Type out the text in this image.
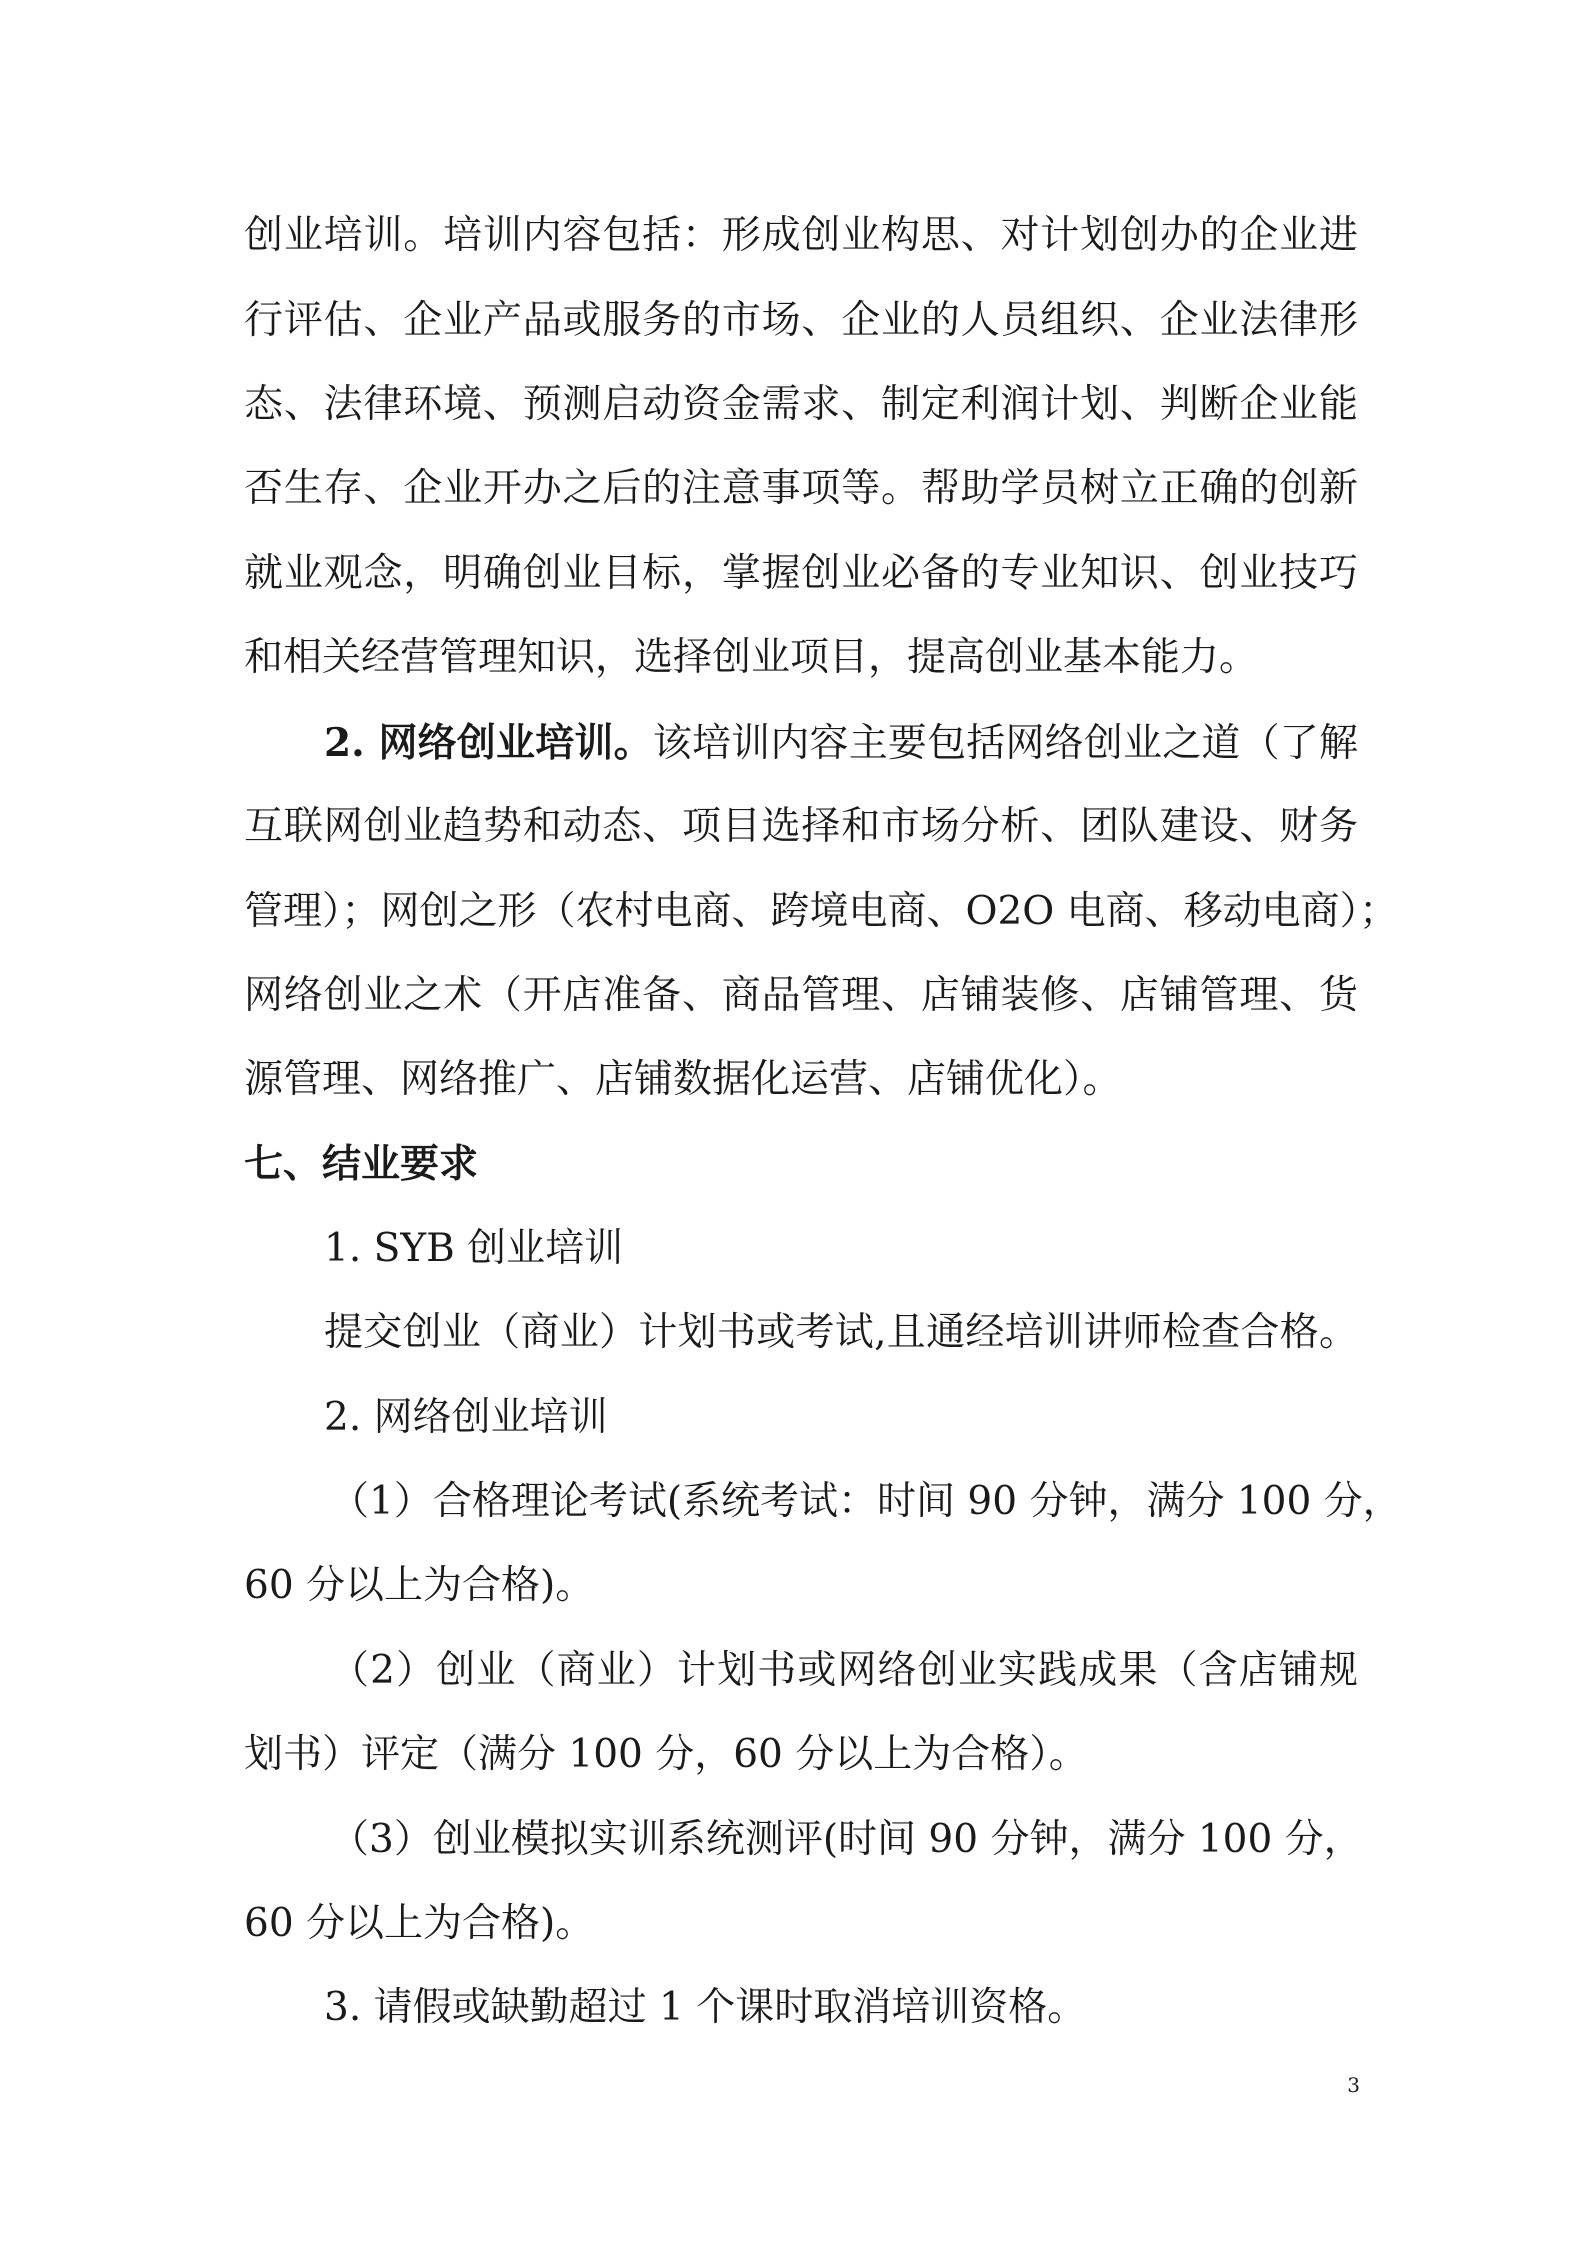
创业培训。培训内容包括：形成创业构思、对计划创办的企业进
行评估、企业产品或服务的市场、企业的人员组织、企业法律形
态、法律环境、预测启动资金需求、制定利润计划、判断企业能
否生存、企业开办之后的注意事项等。帮助学员树立正确的创新
就业观念，明确创业目标，掌握创业必备的专业知识、创业技巧
和相关经营管理知识，选择创业项目，提高创业基本能力。
2. 网络创业培训。该培训内容主要包括网络创业之道（了解
互联网创业趋势和动态、项目选择和市场分析、团队建设、财务
管理）；网创之形（农村电商、跨境电商、O2O 电商、移动电商）；
网络创业之术（开店准备、商品管理、店铺装修、店铺管理、货
源管理、网络推广、店铺数据化运营、店铺优化）。
七、结业要求
1. SYB 创业培训
提交创业（商业）计划书或考试,且通经培训讲师检查合格。
2. 网络创业培训
（1）合格理论考试(系统考试：时间 90 分钟，满分 100 分，
60 分以上为合格)。
（2）创业（商业）计划书或网络创业实践成果（含店铺规
划书）评定（满分 100 分，60 分以上为合格）。
（3）创业模拟实训系统测评(时间 90 分钟，满分 100 分，
60 分以上为合格)。
3. 请假或缺勤超过 1 个课时取消培训资格。
3
